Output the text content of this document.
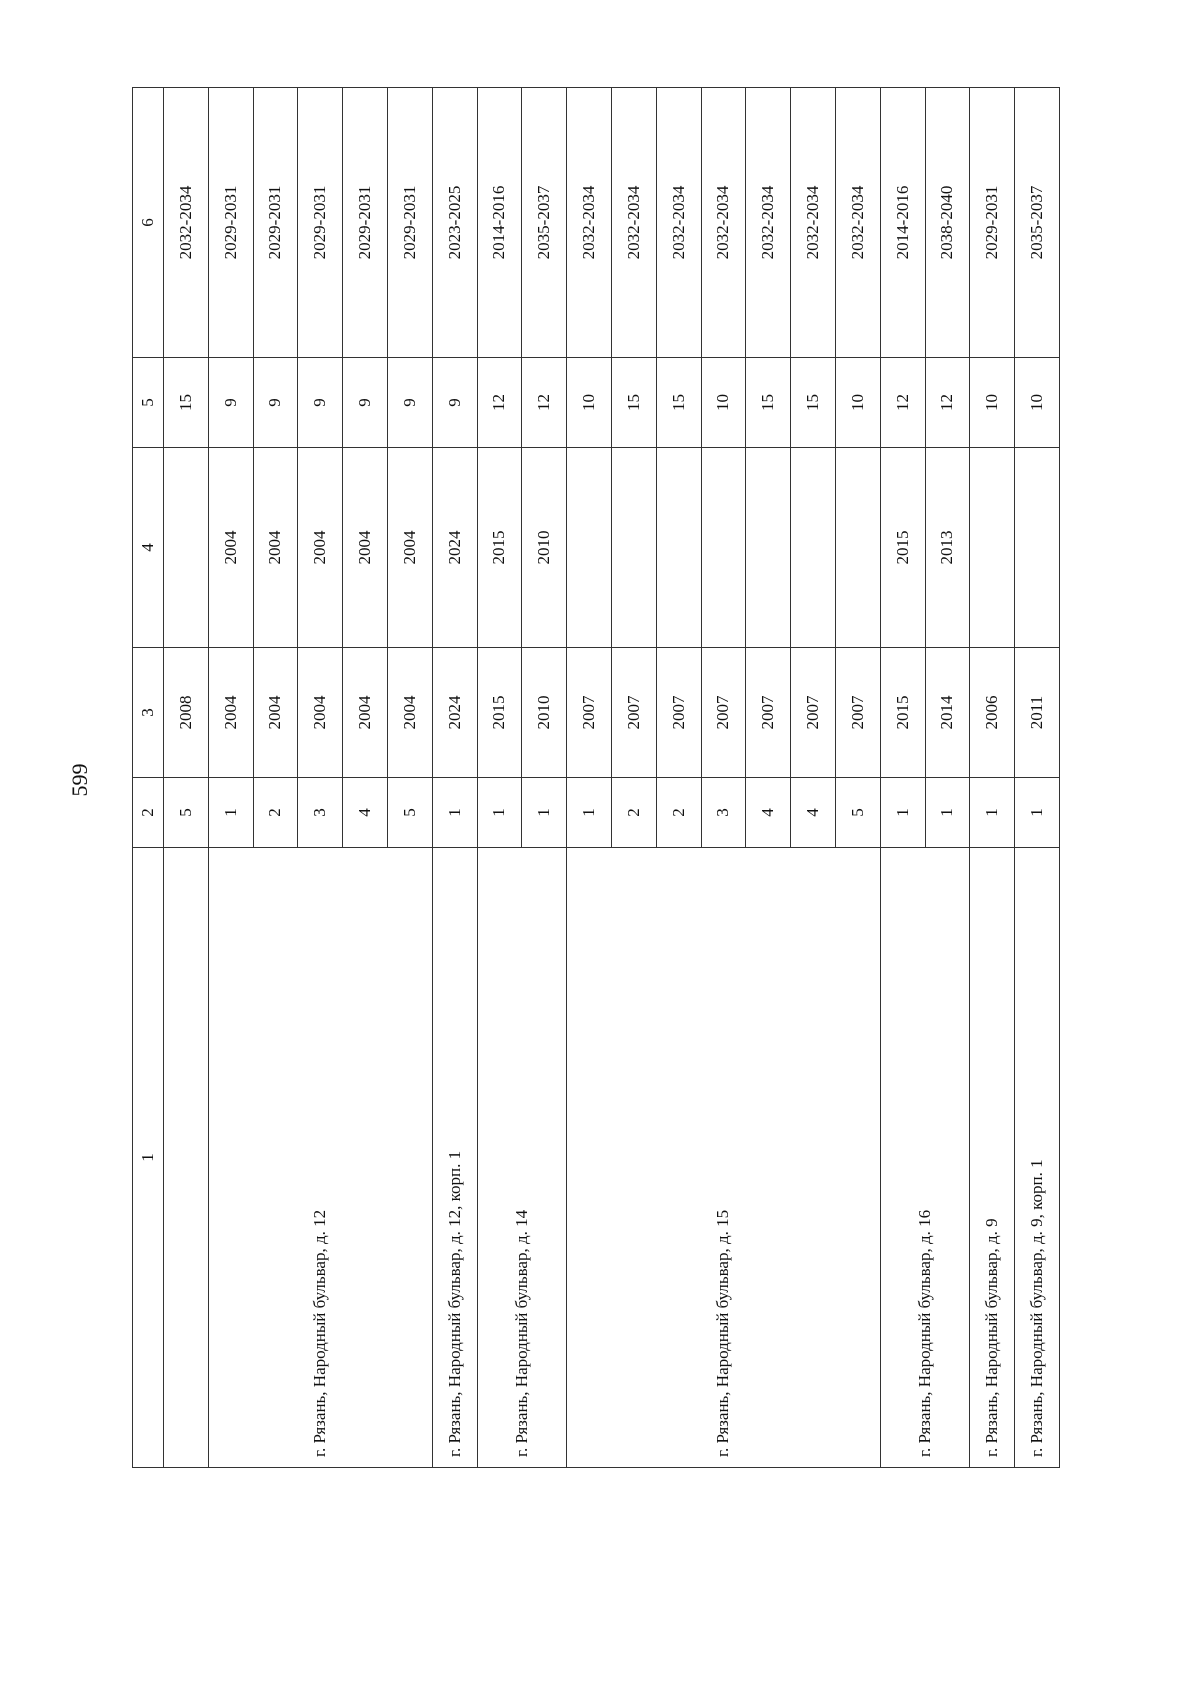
599
1	2	3	4	5	6
	5	2008		15	2032-2034
г. Рязань, Народный бульвар, д. 12	1	2004	2004	9	2029-2031
	2	2004	2004	9	2029-2031
	3	2004	2004	9	2029-2031
	4	2004	2004	9	2029-2031
	5	2004	2004	9	2029-2031
г. Рязань, Народный бульвар, д. 12, корп. 1	1	2024	2024	9	2023-2025
г. Рязань, Народный бульвар, д. 14	1	2015	2015	12	2014-2016
	1	2010	2010	12	2035-2037
г. Рязань, Народный бульвар, д. 15	1	2007		10	2032-2034
	2	2007		15	2032-2034
	2	2007		15	2032-2034
	3	2007		10	2032-2034
	4	2007		15	2032-2034
	4	2007		15	2032-2034
	5	2007		10	2032-2034
г. Рязань, Народный бульвар, д. 16	1	2015	2015	12	2014-2016
	1	2014	2013	12	2038-2040
г. Рязань, Народный бульвар, д. 9	1	2006		10	2029-2031
г. Рязань, Народный бульвар, д. 9, корп. 1	1	2011		10	2035-2037
